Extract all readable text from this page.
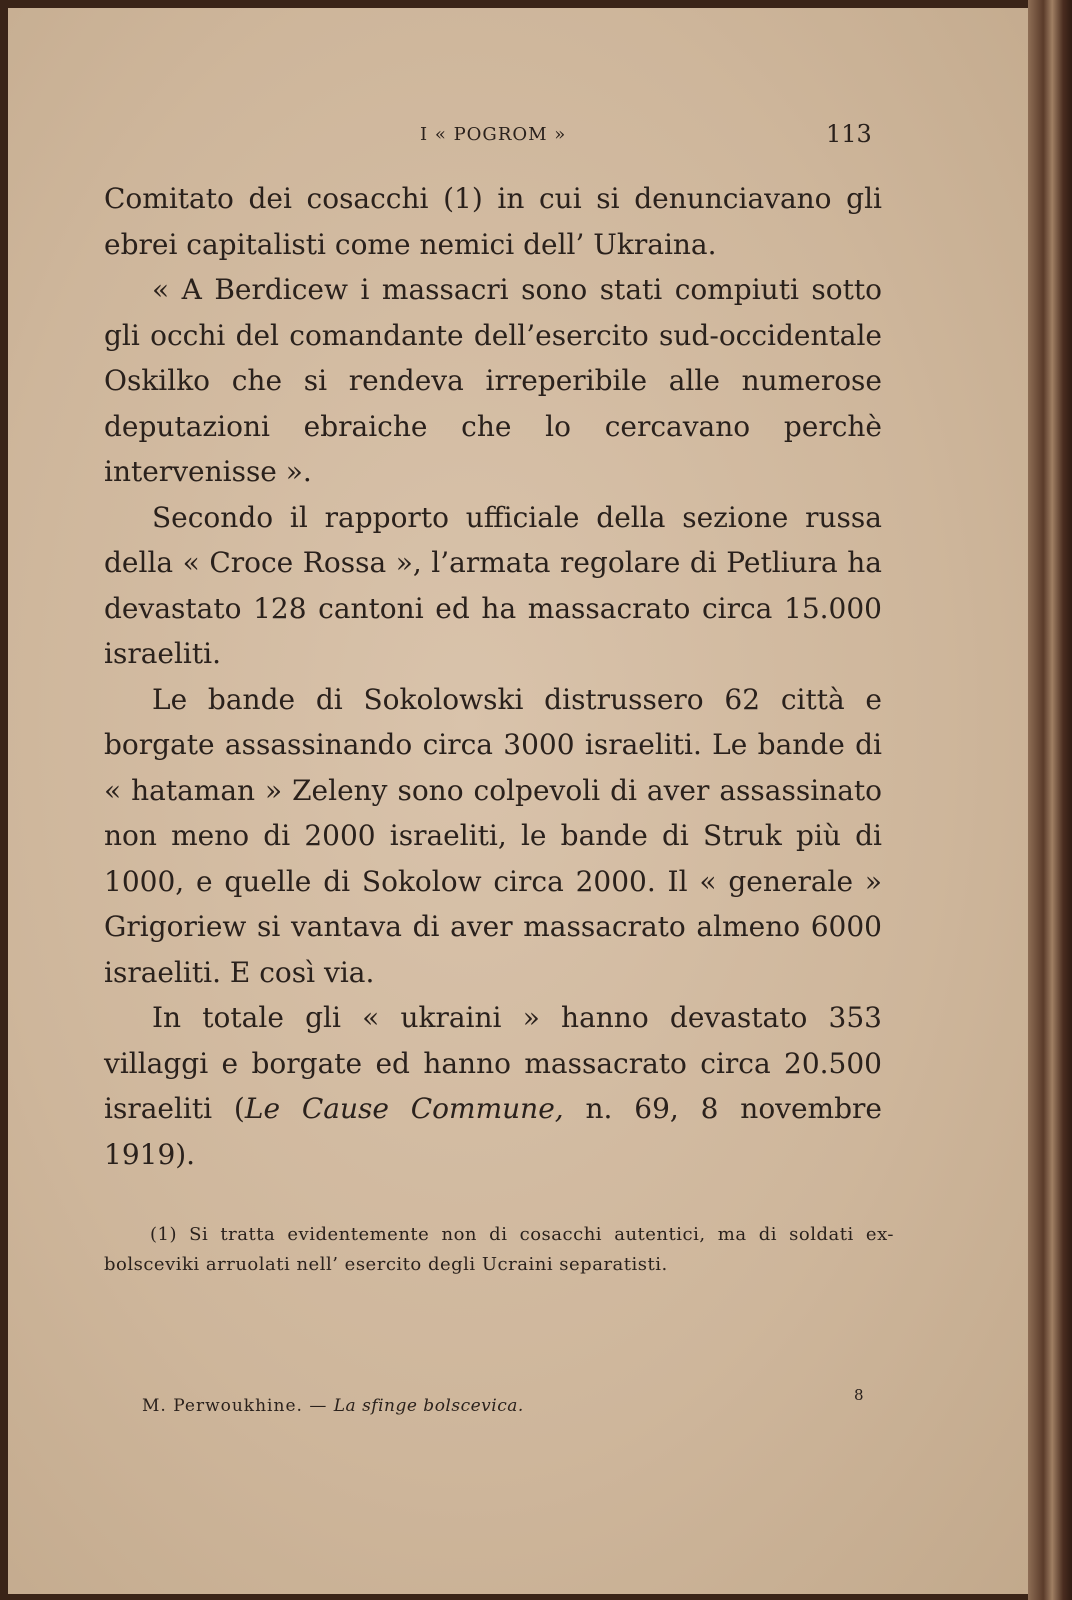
I « POGROM »	113

Comitato dei cosacchi (1) in cui si denunciavano gli ebrei capitalisti come nemici dell’ Ukraina.

« A Berdicew i massacri sono stati compiuti sotto gli occhi del comandante dell’esercito sud-occidentale Oskilko che si rendeva irreperibile alle numerose deputazioni ebraiche che lo cercavano perchè intervenisse ».

Secondo il rapporto ufficiale della sezione russa della « Croce Rossa », l’armata regolare di Petliura ha devastato 128 cantoni ed ha massacrato circa 15.000 israeliti.

Le bande di Sokolowski distrussero 62 città e borgate assassinando circa 3000 israeliti. Le bande di « hataman » Zeleny sono colpevoli di aver assassinato non meno di 2000 israeliti, le bande di Struk più di 1000, e quelle di Sokolow circa 2000. Il « generale » Grigoriew si vantava di aver massacrato almeno 6000 israeliti. E così via.

In totale gli « ukraini » hanno devastato 353 villaggi e borgate ed hanno massacrato circa 20.500 israeliti (Le Cause Commune, n. 69, 8 novembre 1919).

(1) Si tratta evidentemente non di cosacchi autentici, ma di soldati ex-bolsceviki arruolati nell’ esercito degli Ucraini separatisti.

M. Perwoukhine. — La sfinge bolscevica.
8
